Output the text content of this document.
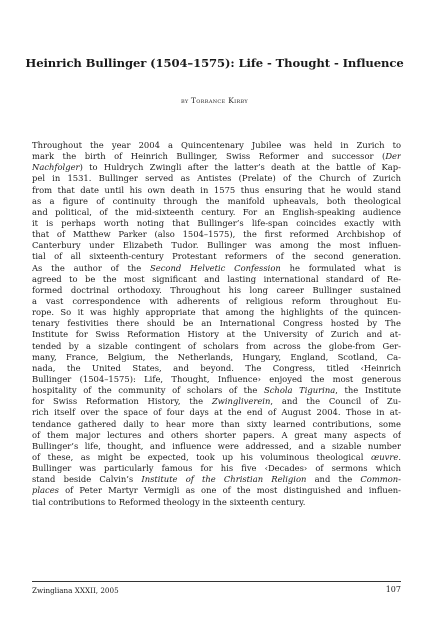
Heinrich Bullinger (1504–1575): Life - Thought - Influence
by Torrance Kirby
Throughout the year 2004 a Quincentenary Jubilee was held in Zurich to
mark the birth of Heinrich Bullinger, Swiss Reformer and successor (Der
Nachfolger) to Huldrych Zwingli after the latter’s death at the battle of Kap-
pel in 1531. Bullinger served as Antistes (Prelate) of the Church of Zurich
from that date until his own death in 1575 thus ensuring that he would stand
as a figure of continuity through the manifold upheavals, both theological
and political, of the mid-sixteenth century. For an English-speaking audience
it is perhaps worth noting that Bullinger’s life-span coincides exactly with
that of Matthew Parker (also 1504–1575), the first reformed Archbishop of
Canterbury under Elizabeth Tudor. Bullinger was among the most influen-
tial of all sixteenth-century Protestant reformers of the second generation.
As the author of the Second Helvetic Confession he formulated what is
agreed to be the most significant and lasting international standard of Re-
formed doctrinal orthodoxy. Throughout his long career Bullinger sustained
a vast correspondence with adherents of religious reform throughout Eu-
rope. So it was highly appropriate that among the highlights of the quincen-
tenary festivities there should be an International Congress hosted by The
Institute for Swiss Reformation History at the University of Zurich and at-
tended by a sizable contingent of scholars from across the globe-from Ger-
many, France, Belgium, the Netherlands, Hungary, England, Scotland, Ca-
nada, the United States, and beyond. The Congress, titled ‹Heinrich
Bullinger (1504–1575): Life, Thought, Influence› enjoyed the most generous
hospitality of the community of scholars of the Schola Tigurina, the Institute
for Swiss Reformation History, the Zwingliverein, and the Council of Zu-
rich itself over the space of four days at the end of August 2004. Those in at-
tendance gathered daily to hear more than sixty learned contributions, some
of them major lectures and others shorter papers. A great many aspects of
Bullinger’s life, thought, and influence were addressed, and a sizable number
of these, as might be expected, took up his voluminous theological œuvre.
Bullinger was particularly famous for his five ‹Decades› of sermons which
stand beside Calvin’s Institute of the Christian Religion and the Common-
places of Peter Martyr Vermigli as one of the most distinguished and influen-
tial contributions to Reformed theology in the sixteenth century.
Zwingliana XXXII, 2005	107
